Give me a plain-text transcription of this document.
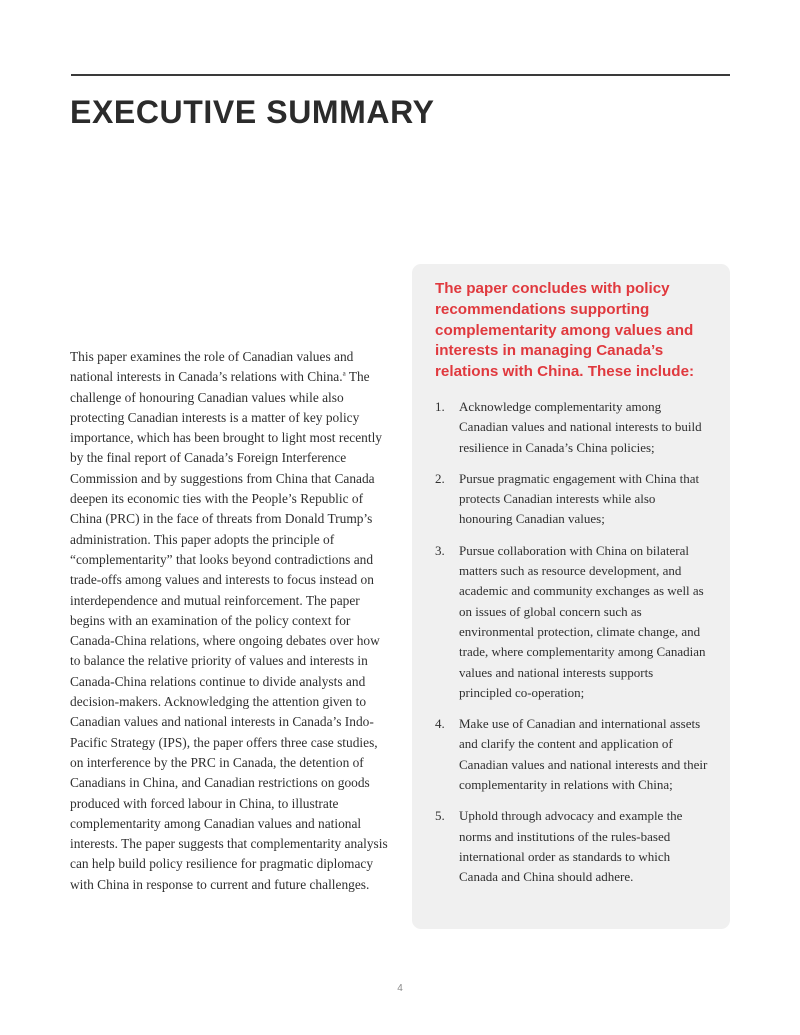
EXECUTIVE SUMMARY

This paper examines the role of Canadian values and national interests in Canada’s relations with China.$^a$ The challenge of honouring Canadian values while also protecting Canadian interests is a matter of key policy importance, which has been brought to light most recently by the final report of Canada’s Foreign Interference Commission and by suggestions from China that Canada deepen its economic ties with the People’s Republic of China (PRC) in the face of threats from Donald Trump’s administration. This paper adopts the principle of “complementarity” that looks beyond contradictions and trade-offs among values and interests to focus instead on interdependence and mutual reinforcement. The paper begins with an examination of the policy context for Canada-China relations, where ongoing debates over how to balance the relative priority of values and interests in Canada-China relations continue to divide analysts and decision-makers. Acknowledging the attention given to Canadian values and national interests in Canada’s Indo-Pacific Strategy (IPS), the paper offers three case studies, on interference by the PRC in Canada, the detention of Canadians in China, and Canadian restrictions on goods produced with forced labour in China, to illustrate complementarity among Canadian values and national interests. The paper suggests that complementarity analysis can help build policy resilience for pragmatic diplomacy with China in response to current and future challenges.

The paper concludes with policy recommendations supporting complementarity among values and interests in managing Canada’s relations with China. These include:
1.	Acknowledge complementarity among Canadian values and national interests to build resilience in Canada’s China policies;
2.	Pursue pragmatic engagement with China that protects Canadian interests while also honouring Canadian values;
3.	Pursue collaboration with China on bilateral matters such as resource development, and academic and community exchanges as well as on issues of global concern such as environmental protection, climate change, and trade, where complementarity among Canadian values and national interests supports principled co-operation;
4.	Make use of Canadian and international assets and clarify the content and application of Canadian values and national interests and their complementarity in relations with China;
5.	Uphold through advocacy and example the norms and institutions of the rules-based international order as standards to which Canada and China should adhere.
4
